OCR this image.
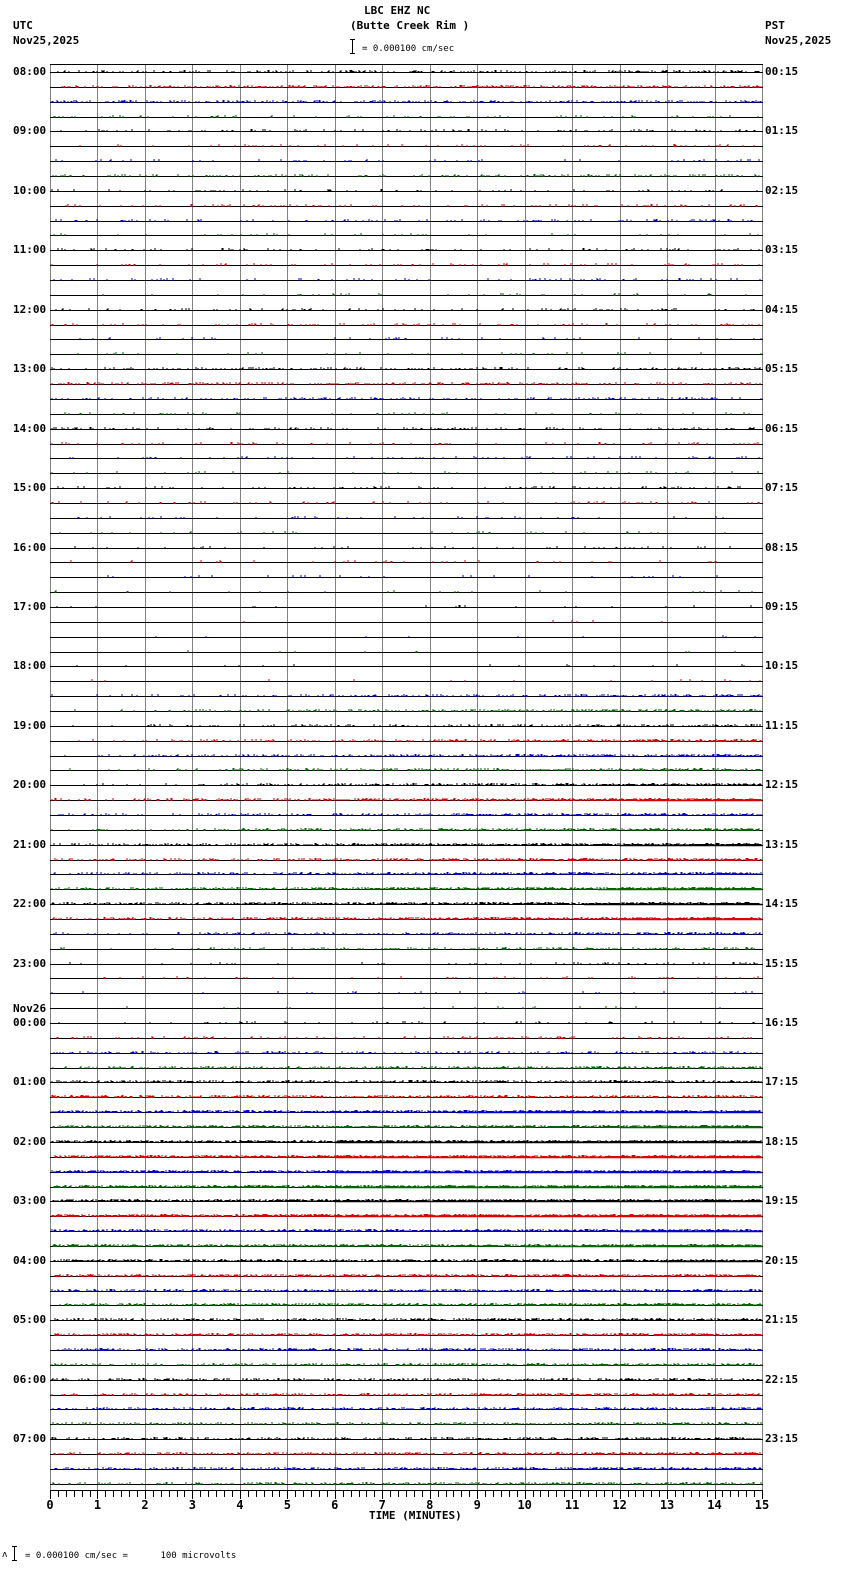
LBC EHZ NC
(Butte Creek Rim )
UTC
Nov25,2025
PST
Nov25,2025
= 0.000100 cm/sec
0	1	2	3	4	5	6	7	8	9	10	11	12	13	14	15
08:00
09:00
10:00
11:00
12:00
13:00
14:00
15:00
16:00
17:00
18:00
19:00
20:00
21:00
22:00
23:00
00:00
Nov26
01:00
02:00
03:00
04:00
05:00
06:00
07:00
00:15
01:15
02:15
03:15
04:15
05:15
06:15
07:15
08:15
09:15
10:15
11:15
12:15
13:15
14:15
15:15
16:15
17:15
18:15
19:15
20:15
21:15
22:15
23:15
TIME (MINUTES)
ʌ = 0.000100 cm/sec =      100 microvolts
